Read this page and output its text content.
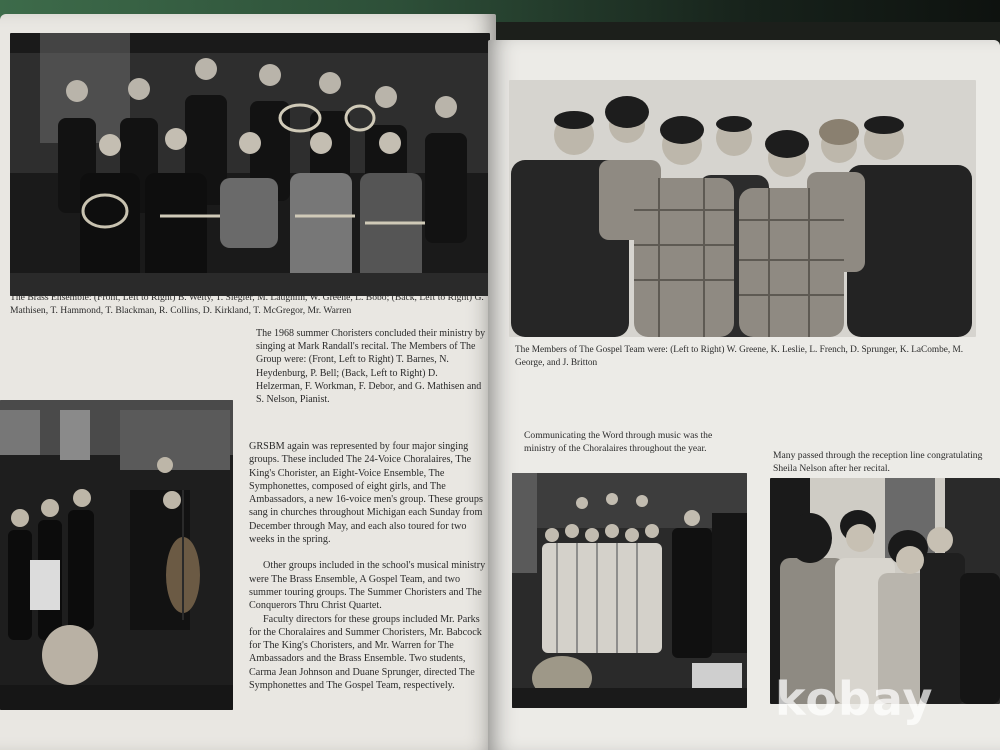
The Brass Ensemble: (Front, Left to Right) B. Welty, T. Siegler, M. Laughlin, W. Greene, L. Bobo; (Back, Left to Right) G. Mathisen, T. Hammond, T. Blackman, R. Collins, D. Kirkland, T. McGregor, Mr. Warren

The 1968 summer Choristers concluded their ministry by singing at Mark Randall's recital. The Members of The Group were: (Front, Left to Right) T. Barnes, N. Heydenburg, P. Bell; (Back, Left to Right) D. Helzerman, F. Workman, F. Debor, and G. Mathisen and S. Nelson, Pianist.

GRSBM again was represented by four major singing groups. These included The 24-Voice Choralaires, The King's Chorister, an Eight-Voice Ensemble, The Symphonettes, composed of eight girls, and The Ambassadors, a new 16-voice men's group. These groups sang in churches throughout Michigan each Sunday from December through May, and each also toured for two weeks in the spring.

Other groups included in the school's musical ministry were The Brass Ensemble, A Gospel Team, and two summer touring groups. The Summer Choristers and The Conquerors Thru Christ Quartet.

Faculty directors for these groups included Mr. Parks for the Choralaires and Summer Choristers, Mr. Babcock for The King's Choristers, and Mr. Warren for The Ambassadors and the Brass Ensemble. Two students, Carma Jean Johnson and Duane Sprunger, directed The Symphonettes and The Gospel Team, respectively.

The Members of The Gospel Team were: (Left to Right) W. Greene, K. Leslie, L. French, D. Sprunger, K. LaCombe, M. George, and J. Britton

Communicating the Word through music was the ministry of the Choralaires throughout the year.

Many passed through the reception line congratulating Sheila Nelson after her recital.

kobay
